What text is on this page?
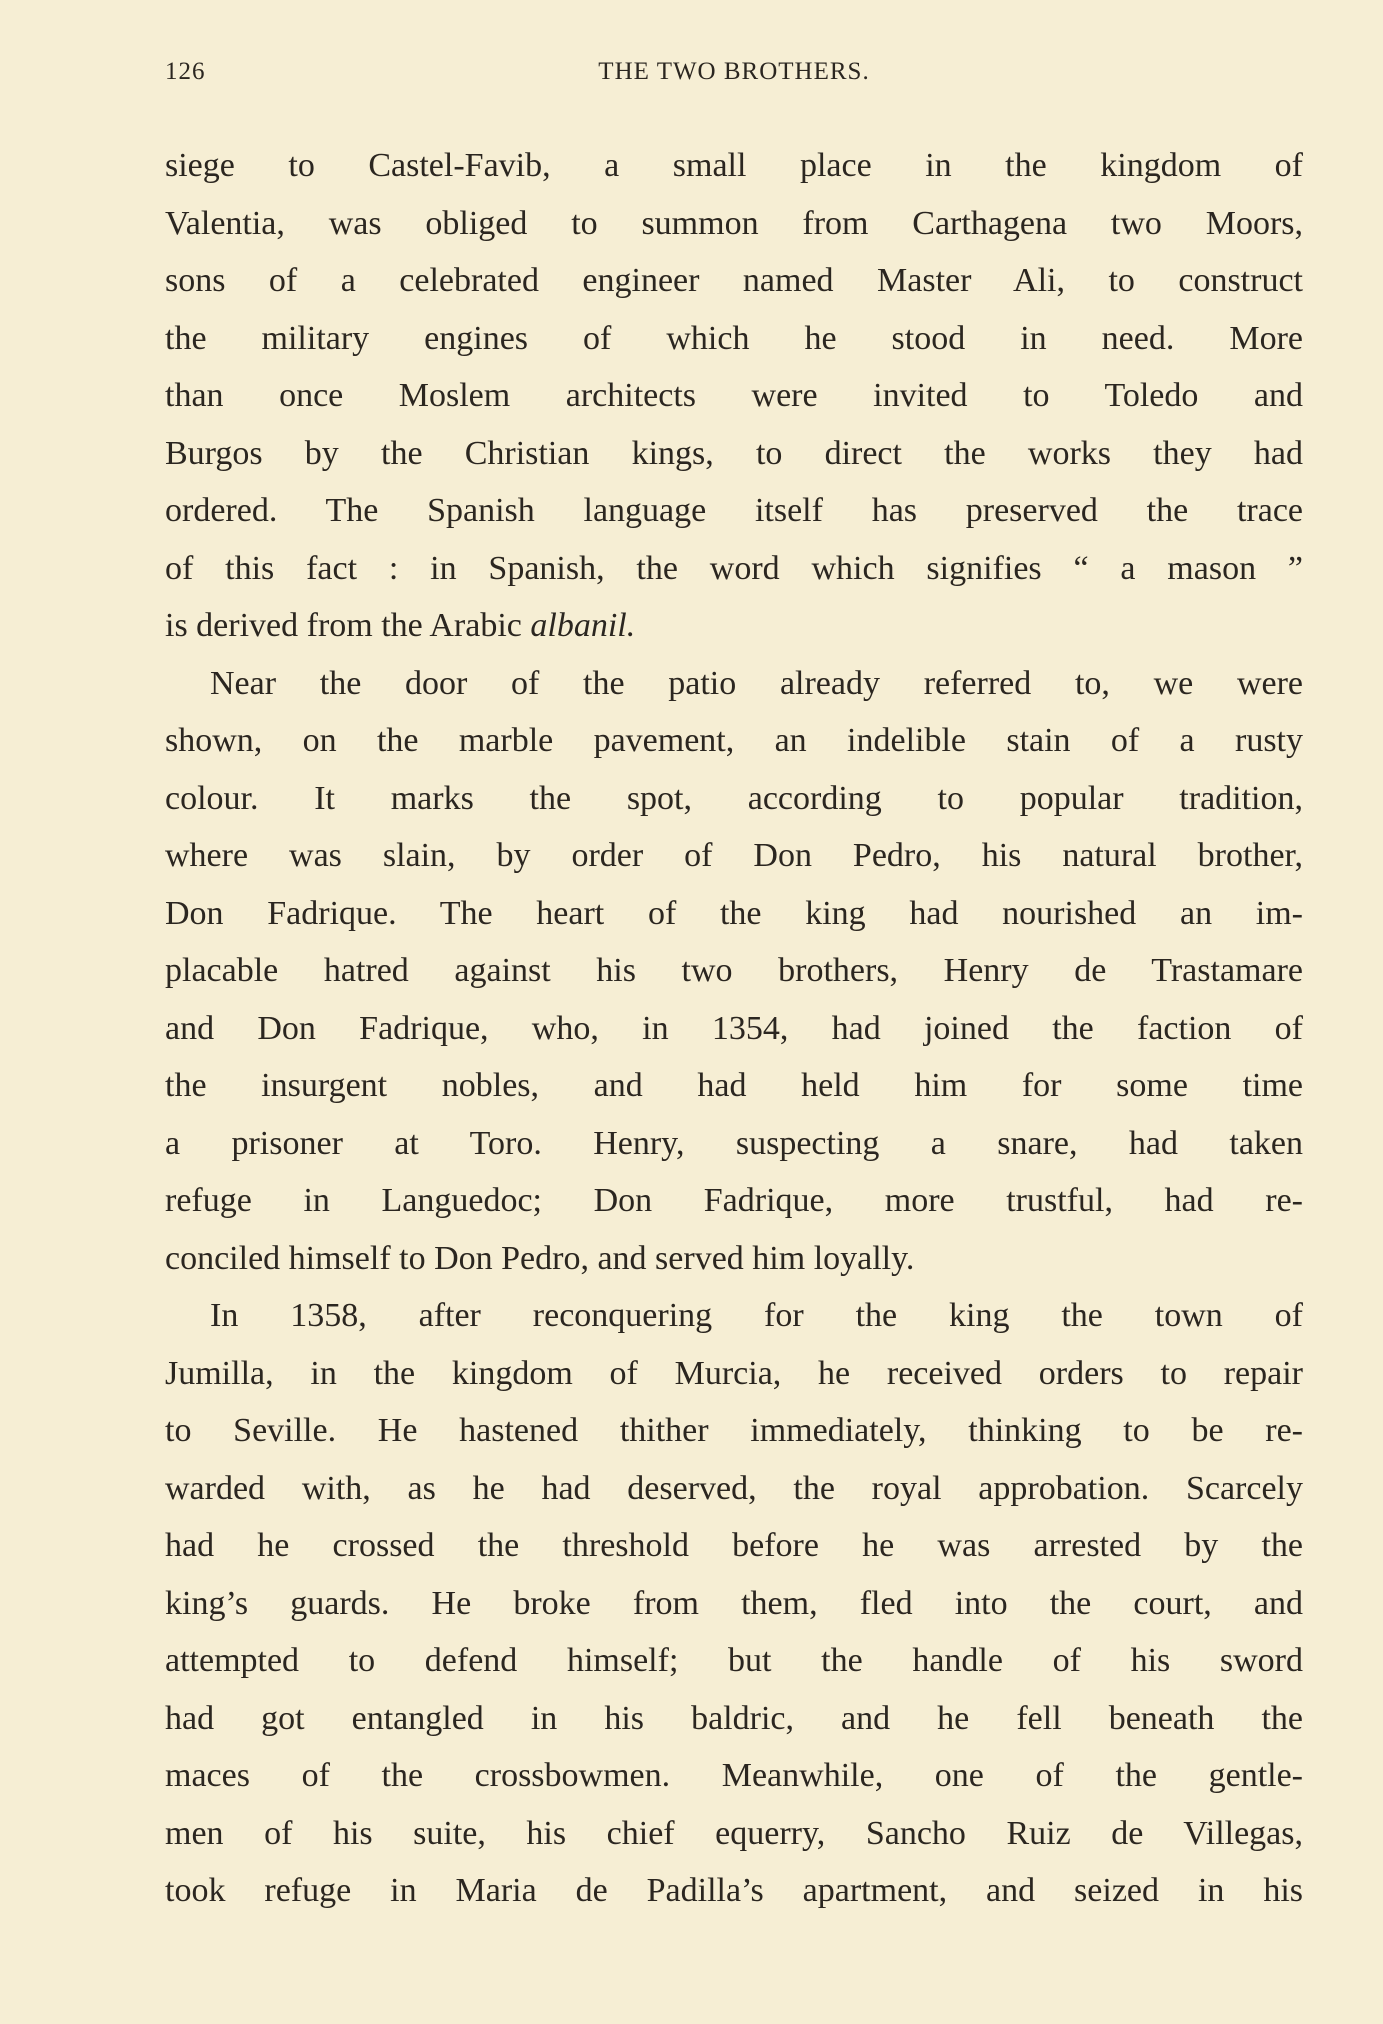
126	THE TWO BROTHERS.
siege to Castel-Favib, a small place in the kingdom of
Valentia, was obliged to summon from Carthagena two Moors,
sons of a celebrated engineer named Master Ali, to construct
the military engines of which he stood in need. More
than once Moslem architects were invited to Toledo and
Burgos by the Christian kings, to direct the works they had
ordered. The Spanish language itself has preserved the trace
of this fact : in Spanish, the word which signifies “ a mason ”
is derived from the Arabic albanil.
Near the door of the patio already referred to, we were
shown, on the marble pavement, an indelible stain of a rusty
colour. It marks the spot, according to popular tradition,
where was slain, by order of Don Pedro, his natural brother,
Don Fadrique. The heart of the king had nourished an im-
placable hatred against his two brothers, Henry de Trastamare
and Don Fadrique, who, in 1354, had joined the faction of
the insurgent nobles, and had held him for some time
a prisoner at Toro. Henry, suspecting a snare, had taken
refuge in Languedoc; Don Fadrique, more trustful, had re-
conciled himself to Don Pedro, and served him loyally.
In 1358, after reconquering for the king the town of
Jumilla, in the kingdom of Murcia, he received orders to repair
to Seville. He hastened thither immediately, thinking to be re-
warded with, as he had deserved, the royal approbation. Scarcely
had he crossed the threshold before he was arrested by the
king’s guards. He broke from them, fled into the court, and
attempted to defend himself; but the handle of his sword
had got entangled in his baldric, and he fell beneath the
maces of the crossbowmen. Meanwhile, one of the gentle-
men of his suite, his chief equerry, Sancho Ruiz de Villegas,
took refuge in Maria de Padilla’s apartment, and seized in his
